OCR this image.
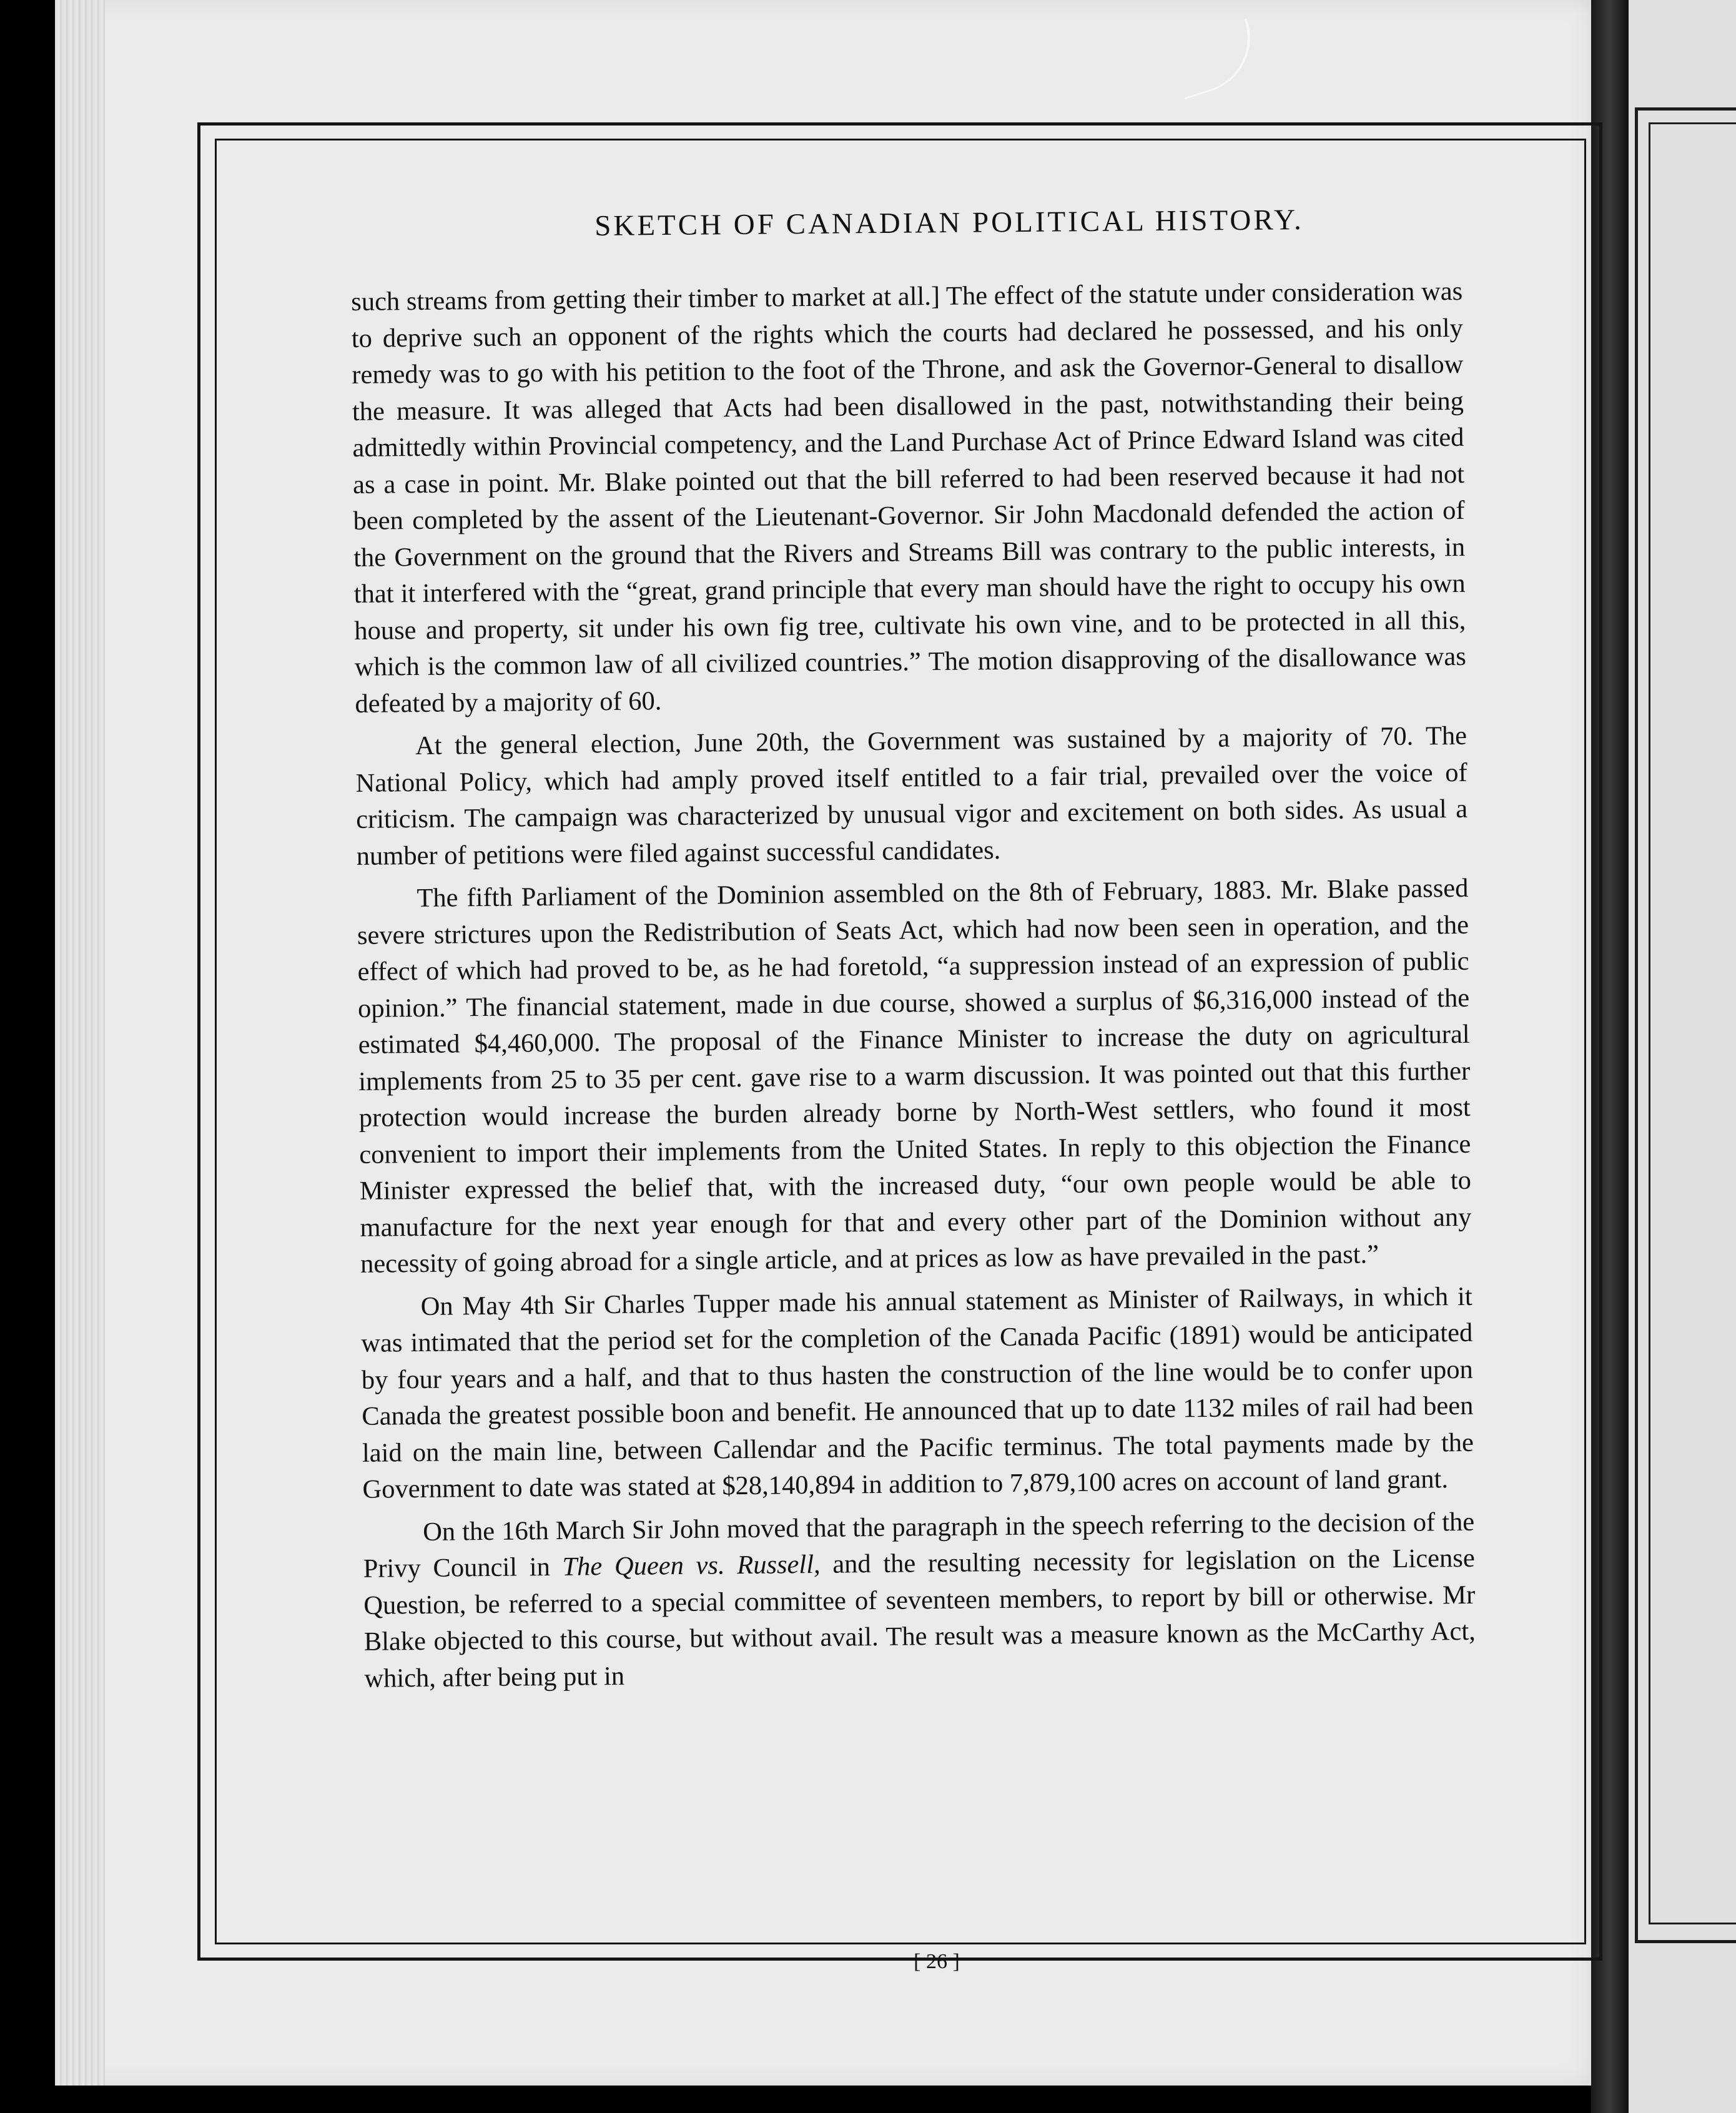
SKETCH OF CANADIAN POLITICAL HISTORY.

such streams from getting their timber to market at all.] The effect of the statute under consideration was to deprive such an opponent of the rights which the courts had declared he possessed, and his only remedy was to go with his petition to the foot of the Throne, and ask the Governor-General to disallow the measure. It was alleged that Acts had been disallowed in the past, notwithstanding their being admittedly within Provincial competency, and the Land Purchase Act of Prince Edward Island was cited as a case in point. Mr. Blake pointed out that the bill referred to had been reserved because it had not been completed by the assent of the Lieutenant-Governor. Sir John Macdonald defended the action of the Government on the ground that the Rivers and Streams Bill was contrary to the public interests, in that it interfered with the “great, grand principle that every man should have the right to occupy his own house and property, sit under his own fig tree, cultivate his own vine, and to be protected in all this, which is the common law of all civilized countries.” The motion disapproving of the disallowance was defeated by a majority of 60.

At the general election, June 20th, the Government was sustained by a majority of 70. The National Policy, which had amply proved itself entitled to a fair trial, prevailed over the voice of criticism. The campaign was characterized by unusual vigor and excitement on both sides. As usual a number of petitions were filed against successful candidates.

The fifth Parliament of the Dominion assembled on the 8th of February, 1883. Mr. Blake passed severe strictures upon the Redistribution of Seats Act, which had now been seen in operation, and the effect of which had proved to be, as he had foretold, “a suppression instead of an expression of public opinion.” The financial statement, made in due course, showed a surplus of $6,316,000 instead of the estimated $4,460,000. The proposal of the Finance Minister to increase the duty on agricultural implements from 25 to 35 per cent. gave rise to a warm discussion. It was pointed out that this further protection would increase the burden already borne by North-West settlers, who found it most convenient to import their implements from the United States. In reply to this objection the Finance Minister expressed the belief that, with the increased duty, “our own people would be able to manufacture for the next year enough for that and every other part of the Dominion without any necessity of going abroad for a single article, and at prices as low as have prevailed in the past.”

On May 4th Sir Charles Tupper made his annual statement as Minister of Railways, in which it was intimated that the period set for the completion of the Canada Pacific (1891) would be anticipated by four years and a half, and that to thus hasten the construction of the line would be to confer upon Canada the greatest possible boon and benefit. He announced that up to date 1132 miles of rail had been laid on the main line, between Callendar and the Pacific terminus. The total payments made by the Government to date was stated at $28,140,894 in addition to 7,879,100 acres on account of land grant.

On the 16th March Sir John moved that the paragraph in the speech referring to the decision of the Privy Council in The Queen vs. Russell, and the resulting necessity for legislation on the License Question, be referred to a special committee of seventeen members, to report by bill or otherwise. Mr Blake objected to this course, but without avail. The result was a measure known as the McCarthy Act, which, after being put in

[ 26 ]
